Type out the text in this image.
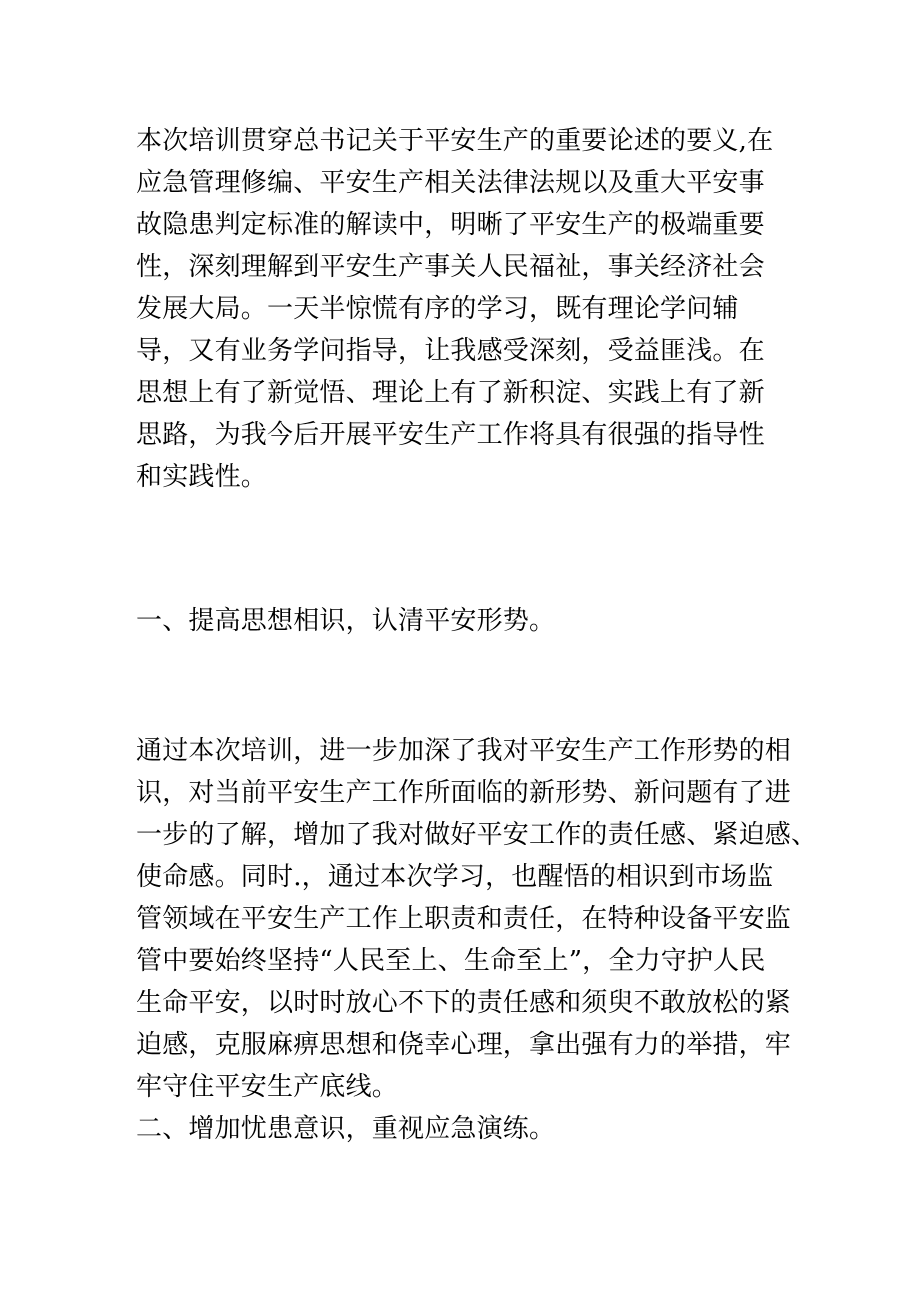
本次培训贯穿总书记关于平安生产的重要论述的要义,在

应急管理修编、平安生产相关法律法规以及重大平安事

故隐患判定标准的解读中，明晰了平安生产的极端重要

性，深刻理解到平安生产事关人民福祉，事关经济社会

发展大局。一天半惊慌有序的学习，既有理论学问辅

导，又有业务学问指导，让我感受深刻，受益匪浅。在

思想上有了新觉悟、理论上有了新积淀、实践上有了新

思路，为我今后开展平安生产工作将具有很强的指导性

和实践性。

一、提高思想相识，认清平安形势。

通过本次培训，进一步加深了我对平安生产工作形势的相

识，对当前平安生产工作所面临的新形势、新问题有了进

一步的了解，增加了我对做好平安工作的责任感、紧迫感、

使命感。同时.，通过本次学习，也醒悟的相识到市场监

管领域在平安生产工作上职责和责任，在特种设备平安监

管中要始终坚持“人民至上、生命至上”，全力守护人民

生命平安，以时时放心不下的责任感和须臾不敢放松的紧

迫感，克服麻痹思想和侥幸心理，拿出强有力的举措，牢

牢守住平安生产底线。

二、增加忧患意识，重视应急演练。
